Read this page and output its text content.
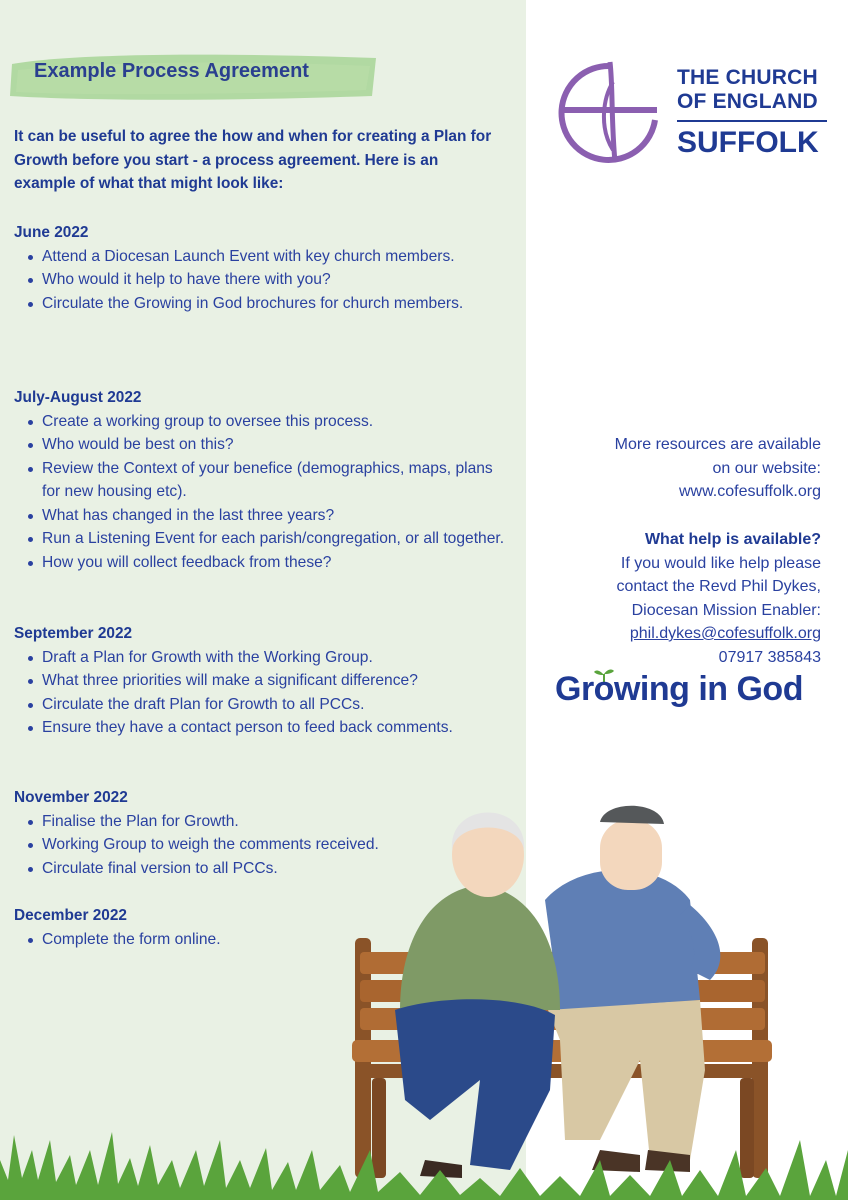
Example Process Agreement
It can be useful to agree the how and when for creating a Plan for Growth before you start - a process agreement. Here is an example of what that might look like:
June 2022
Attend a Diocesan Launch Event with key church members.
Who would it help to have there with you?
Circulate the Growing in God brochures for church members.
July-August 2022
Create a working group to oversee this process.
Who would be best on this?
Review the Context of your benefice (demographics, maps, plans for new housing etc).
What has changed in the last three years?
Run a Listening Event for each parish/congregation, or all together.
How you will collect feedback from these?
September 2022
Draft a Plan for Growth with the Working Group.
What three priorities will make a significant difference?
Circulate the draft Plan for Growth to all PCCs.
Ensure they have a contact person to feed back comments.
November 2022
Finalise the Plan for Growth.
Working Group to weigh the comments received.
Circulate final version to all PCCs.
December 2022
Complete the form online.
THE CHURCH
OF ENGLAND
SUFFOLK
More resources are available
on our website:
www.cofesuffolk.org
What help is available?
If you would like help please
contact the Revd Phil Dykes,
Diocesan Mission Enabler:
phil.dykes@cofesuffolk.org
07917 385843
Growing in God
